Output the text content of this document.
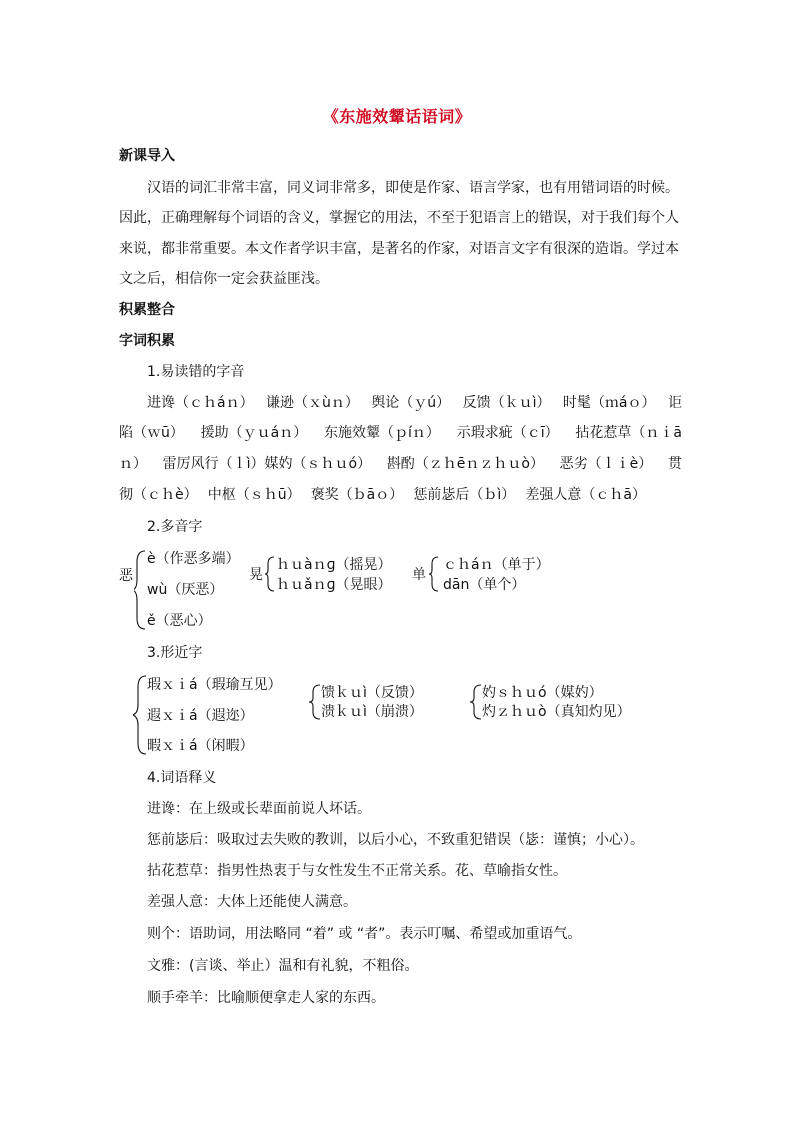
《东施效颦话语词》
新课导入
汉语的词汇非常丰富，同义词非常多，即使是作家、语言学家，也有用错词语的时候。
因此，正确理解每个词语的含义，掌握它的用法，不至于犯语言上的错误，对于我们每个人
来说，都非常重要。本文作者学识丰富，是著名的作家，对语言文字有很深的造诣。学过本
文之后，相信你一定会获益匪浅。
积累整合
字词积累
1.易读错的字音
进谗（ｃｈáｎ） 谦逊（ｘùｎ） 舆论（ｙú） 反馈（ｋｕì） 时髦（ｍáｏ） 讵
陷（ｗū） 援助（ｙｕáｎ） 东施效颦（ｐíｎ） 示瑕求疵（ｃī） 拈花惹草（ｎｉā
ｎ） 雷厉风行（ｌì）媒妁（ｓｈｕó） 斟酌（ｚｈēｎｚｈｕò） 恶劣（ｌｉè） 贯
彻（ｃｈè） 中枢（ｓｈū） 褒奖（ｂāｏ） 惩前毖后（ｂì） 差强人意（ｃｈā）
2.多音字
恶
è（作恶多端）
wù（厌恶）
ě（恶心）
晃
ｈｕàｎɡ（摇晃）
ｈｕǎｎɡ（晃眼）
单
ｃｈáｎ（单于）
dān（单个）
3.形近字
瑕ｘｉá（瑕瑜互见）
遐ｘｉá（遐迩）
暇ｘｉá（闲暇）
馈ｋｕì（反馈）
溃ｋｕì（崩溃）
妁ｓｈｕó（媒妁）
灼ｚｈｕò（真知灼见）
4.词语释义
进谗：在上级或长辈面前说人坏话。
惩前毖后：吸取过去失败的教训，以后小心，不致重犯错误（毖：谨慎；小心）。
拈花惹草：指男性热衷于与女性发生不正常关系。花、草喻指女性。
差强人意：大体上还能使人满意。
则个：语助词，用法略同 “着” 或 “者”。表示叮嘱、希望或加重语气。
文雅：(言谈、举止）温和有礼貌，不粗俗。
顺手牵羊：比喻顺便拿走人家的东西。
